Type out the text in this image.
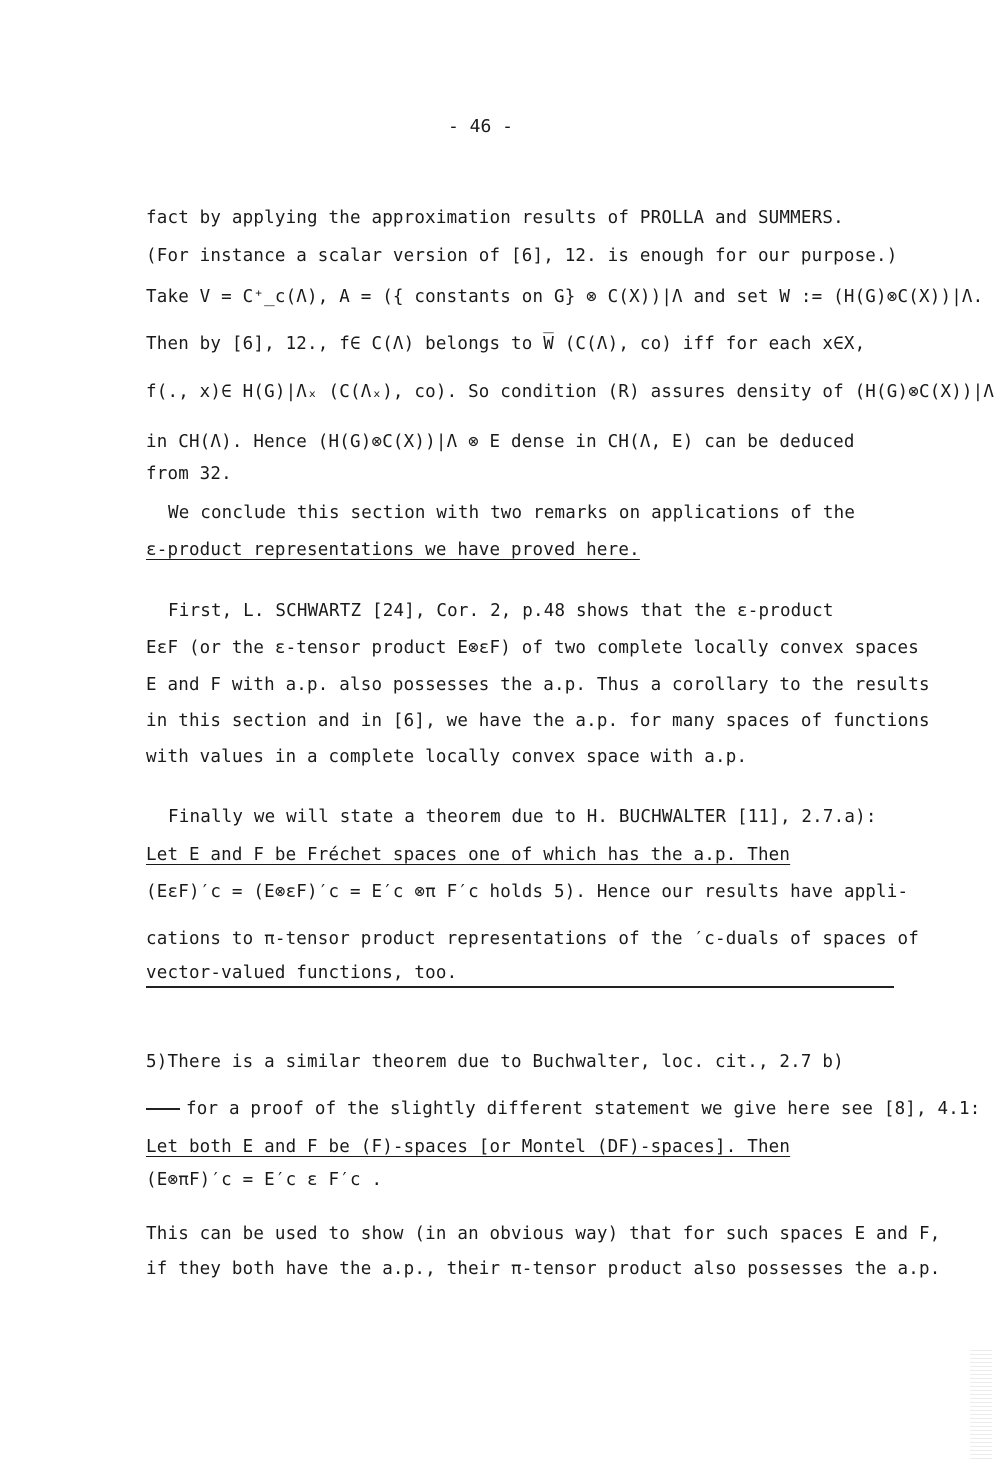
- 46 -
fact by applying the approximation results of PROLLA and SUMMERS.
(For instance a scalar version of [6], 12. is enough for our purpose.)
Take V = C⁺_c(Λ), A = ({ constants on G} ⊗ C(X))|Λ and set W := (H(G)⊗C(X))|Λ.
Then by [6], 12., f∈ C(Λ) belongs to W̅ (C(Λ), co) iff for each x∈X,
f(., x)∈ H(G)|Λₓ (C(Λₓ), co). So condition (R) assures density of (H(G)⊗C(X))|Λ
in CH(Λ). Hence (H(G)⊗C(X))|Λ ⊗ E dense in CH(Λ, E) can be deduced
from 32.
We conclude this section with two remarks on applications of the
ε-product representations we have proved here.
First, L. SCHWARTZ [24], Cor. 2, p.48 shows that the ε-product
EεF (or the ε-tensor product E⊗εF) of two complete locally convex spaces
E and F with a.p. also possesses the a.p. Thus a corollary to the results
in this section and in [6], we have the a.p. for many spaces of functions
with values in a complete locally convex space with a.p.
Finally we will state a theorem due to H. BUCHWALTER [11], 2.7.a):
Let E and F be Fréchet spaces one of which has the a.p. Then
(EεF)′c = (E⊗εF)′c = E′c ⊗π F′c holds 5). Hence our results have appli-
cations to π-tensor product representations of the ′c-duals of spaces of
vector-valued functions, too.
5)There is a similar theorem due to Buchwalter, loc. cit., 2.7 b)
for a proof of the slightly different statement we give here see [8], 4.1:
Let both E and F be (F)-spaces [or Montel (DF)-spaces]. Then
(E⊗πF)′c = E′c ε F′c .
This can be used to show (in an obvious way) that for such spaces E and F,
if they both have the a.p., their π-tensor product also possesses the a.p.
